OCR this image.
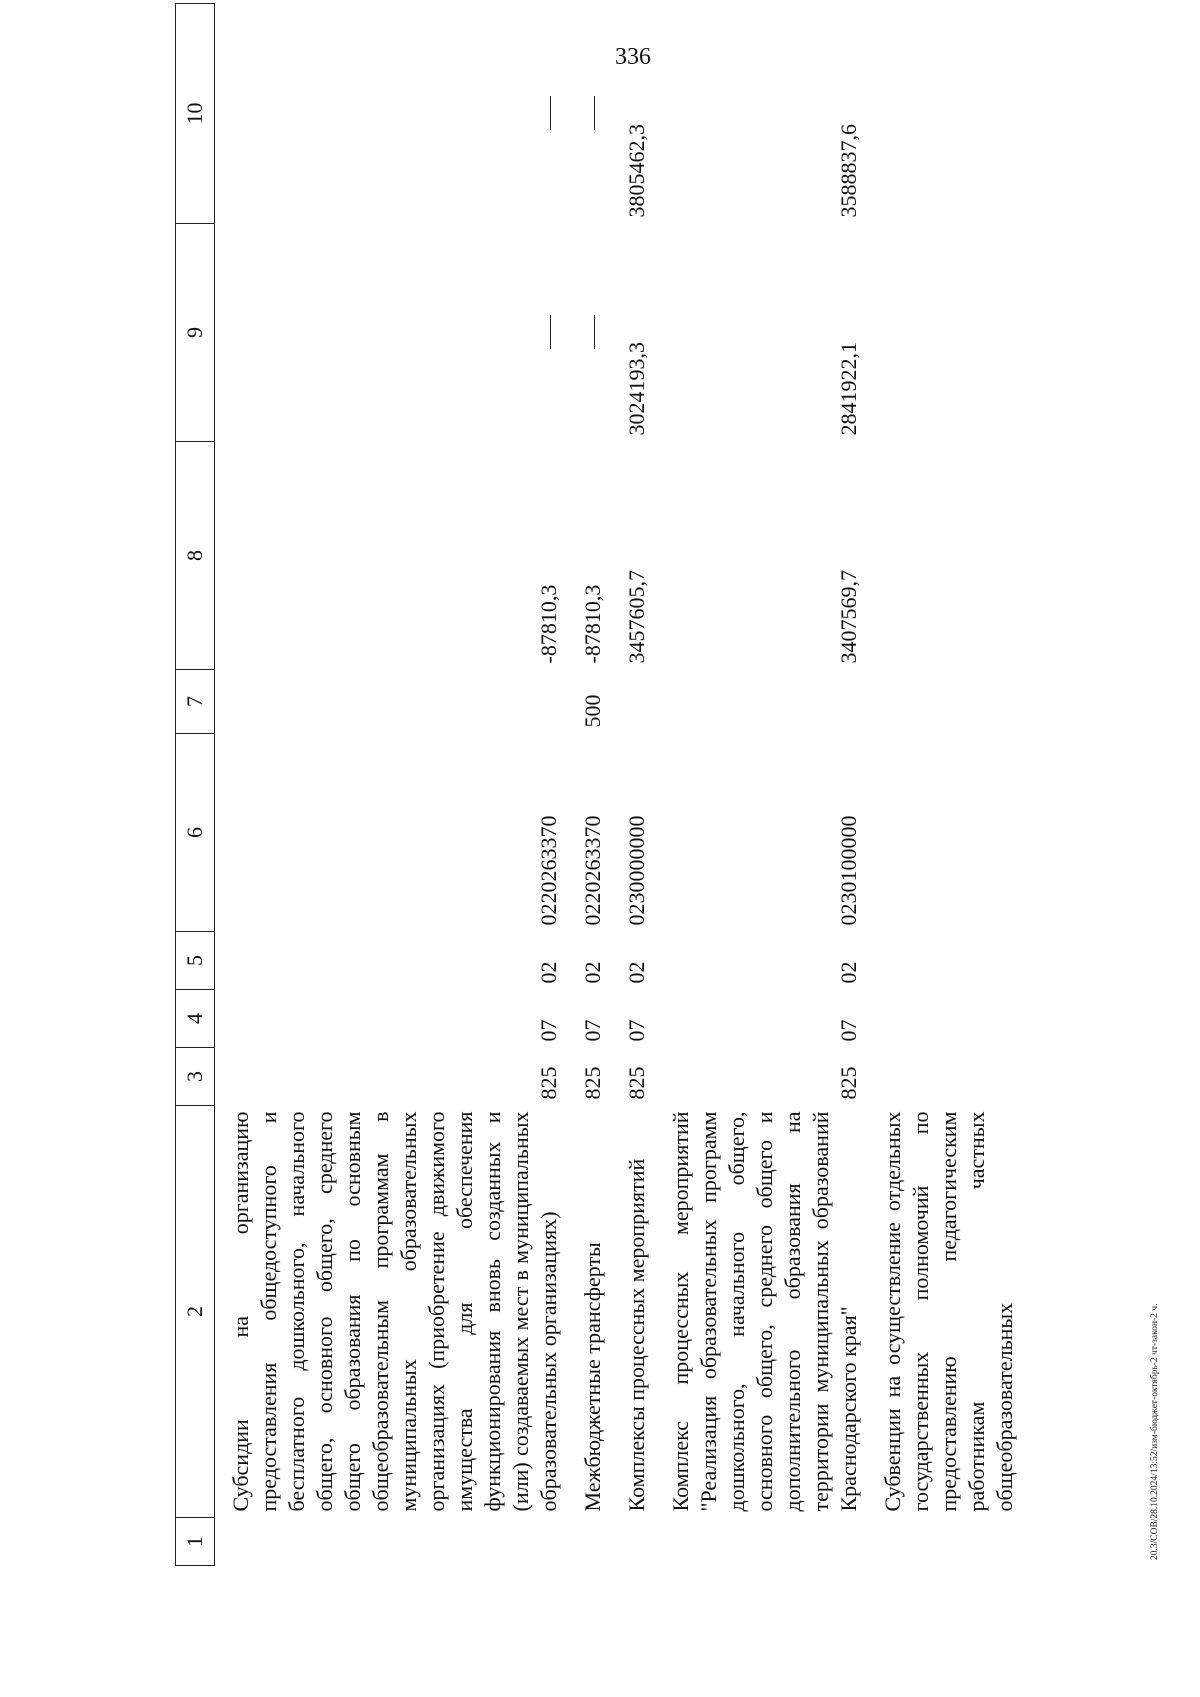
336
1	2	3	4	5	6	7	8	9	10
	Субсидии на организацию предоставления общедоступного и бесплатного дошкольного, начального общего, основного общего, среднего общего образования по основным общеобразовательным программам в муниципальных образовательных организациях (приобретение движимого имущества для обеспечения функционирования вновь созданных и (или) создаваемых мест в муниципальных образовательных организациях)	825	07	02	0220263370		-87810,3		
	Межбюджетные трансферты	825	07	02	0220263370	500	-87810,3		
	Комплексы процессных мероприятий	825	07	02	0230000000		3457605,7	3024193,3	3805462,3
	Комплекс процессных мероприятий "Реализация образовательных программ дошкольного, начального общего, основного общего, среднего общего и дополнительного образования на территории муниципальных образований Краснодарского края"	825	07	02	0230100000		3407569,7	2841922,1	3588837,6
	Субвенции на осуществление отдельных государственных полномочий по предоставлению педагогическим работникам частных общеобразовательных									20.3/СОВ/28.10.2024/13:52/изм-бюджет-октябрь-2 чт-закон-2 ч.
